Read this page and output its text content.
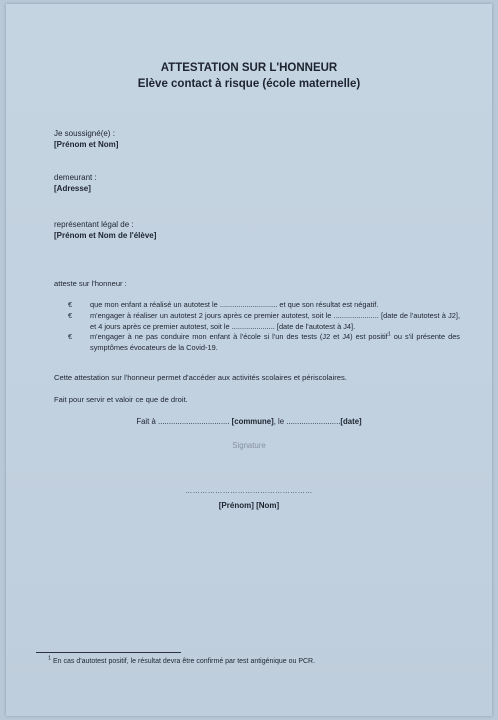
ATTESTATION SUR L'HONNEUR
Elève contact à risque (école maternelle)
Je soussigné(e) :
[Prénom et Nom]
demeurant :
[Adresse]
représentant légal de :
[Prénom et Nom de l'élève]
atteste sur l'honneur :
€ que mon enfant a réalisé un autotest le ............................ et que son résultat est négatif.
€ m'engager à réaliser un autotest 2 jours après ce premier autotest, soit le ...................... [date de l'autotest à J2], et 4 jours après ce premier autotest, soit le ..................... [date de l'autotest à J4].
€ m'engager à ne pas conduire mon enfant à l'école si l'un des tests (J2 et J4) est positif$^1$ ou s'il présente des symptômes évocateurs de la Covid-19.
Cette attestation sur l'honneur permet d'accéder aux activités scolaires et périscolaires.
Fait pour servir et valoir ce que de droit.
Fait à ................................. [commune], le .........................[date]
Signature
……………………………………………
[Prénom] [Nom]
$^1$ En cas d'autotest positif, le résultat devra être confirmé par test antigénique ou PCR.
